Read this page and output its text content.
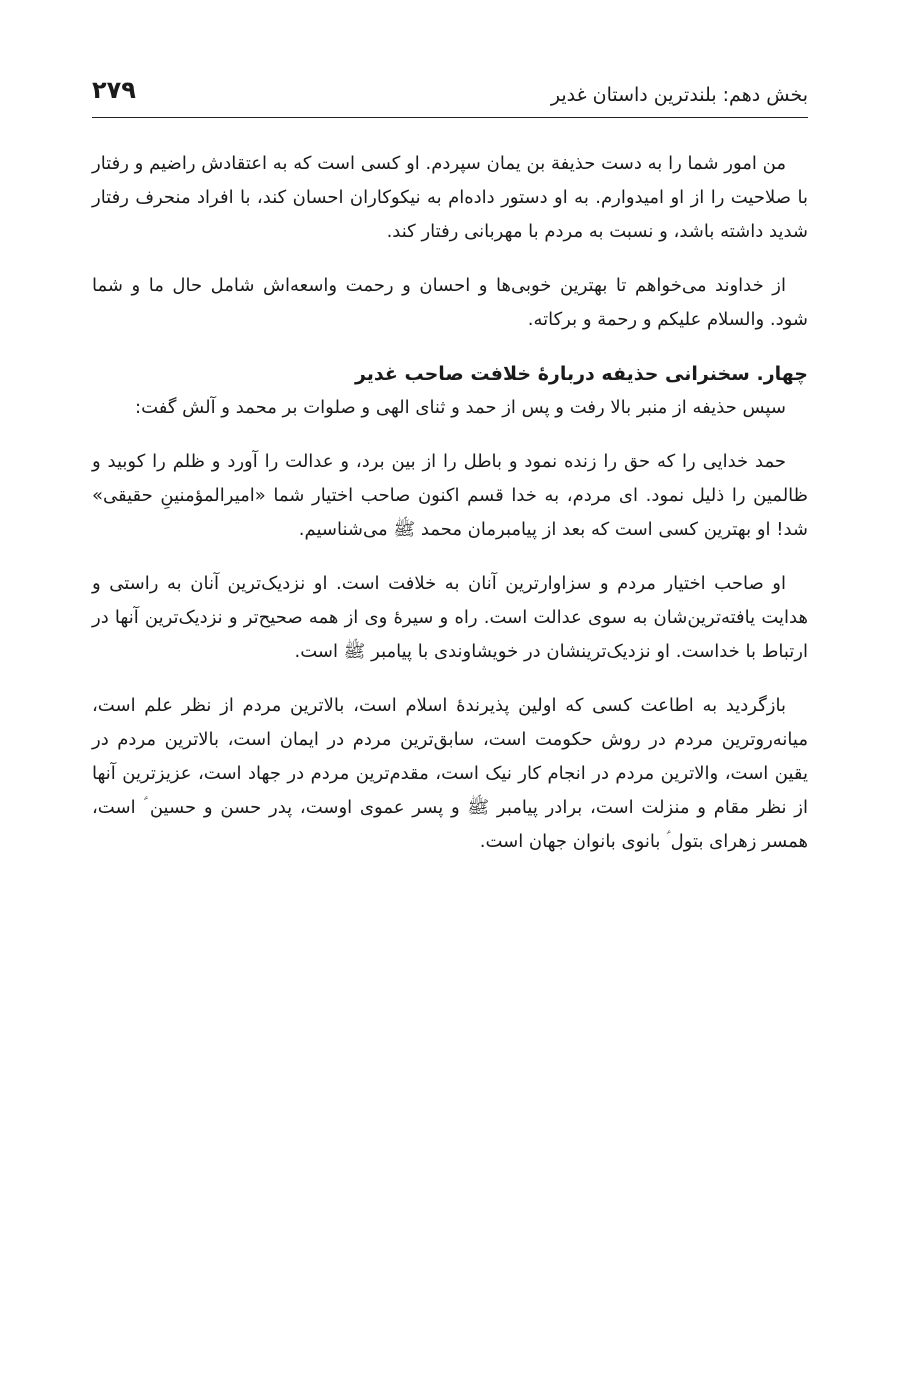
بخش دهم: بلندترین داستان غدیر
۲۷۹

من امور شما را به دست حذیفة بن یمان سپردم. او کسی است که به اعتقادش راضیم و رفتار با صلاحیت را از او امیدوارم. به او دستور داده‌ام به نیکوکاران احسان کند، با افراد منحرف رفتار شدید داشته باشد، و نسبت به مردم با مهربانی رفتار کند.

از خداوند می‌خواهم تا بهترین خوبی‌ها و احسان و رحمت واسعه‌اش شامل حال ما و شما شود. والسلام علیکم و رحمة و برکاته.

چهار. سخنرانی حذیفه دربارهٔ خلافت صاحب غدیر

سپس حذیفه از منبر بالا رفت و پس از حمد و ثنای الهی و صلوات بر محمد و آلش گفت:

حمد خدایی را که حق را زنده نمود و باطل را از بین برد، و عدالت را آورد و ظلم را کوبید و ظالمین را ذلیل نمود. ای مردم، به خدا قسم اکنون صاحب اختیار شما «امیرالمؤمنینِ حقیقی» شد! او بهترین کسی است که بعد از پیامبرمان محمد ﷺ می‌شناسیم.

او صاحب اختیار مردم و سزاوارترین آنان به خلافت است. او نزدیک‌ترین آنان به راستی و هدایت یافته‌ترین‌شان به سوی عدالت است. راه و سیرهٔ وی از همه صحیح‌تر و نزدیک‌ترین آنها در ارتباط با خداست. او نزدیک‌ترینشان در خویشاوندی با پیامبر ﷺ است.

بازگردید به اطاعت کسی که اولین پذیرندهٔ اسلام است، بالاترین مردم از نظر علم است، میانه‌روترین مردم در روش حکومت است، سابق‌ترین مردم در ایمان است، بالاترین مردم در یقین است، والاترین مردم در انجام کار نیک است، مقدم‌ترین مردم در جهاد است، عزیزترین آنها از نظر مقام و منزلت است، برادر پیامبر ﷺ و پسر عموی اوست، پدر حسن و حسین ؑ است، همسر زهرای بتول ؑ بانوی بانوان جهان است.
